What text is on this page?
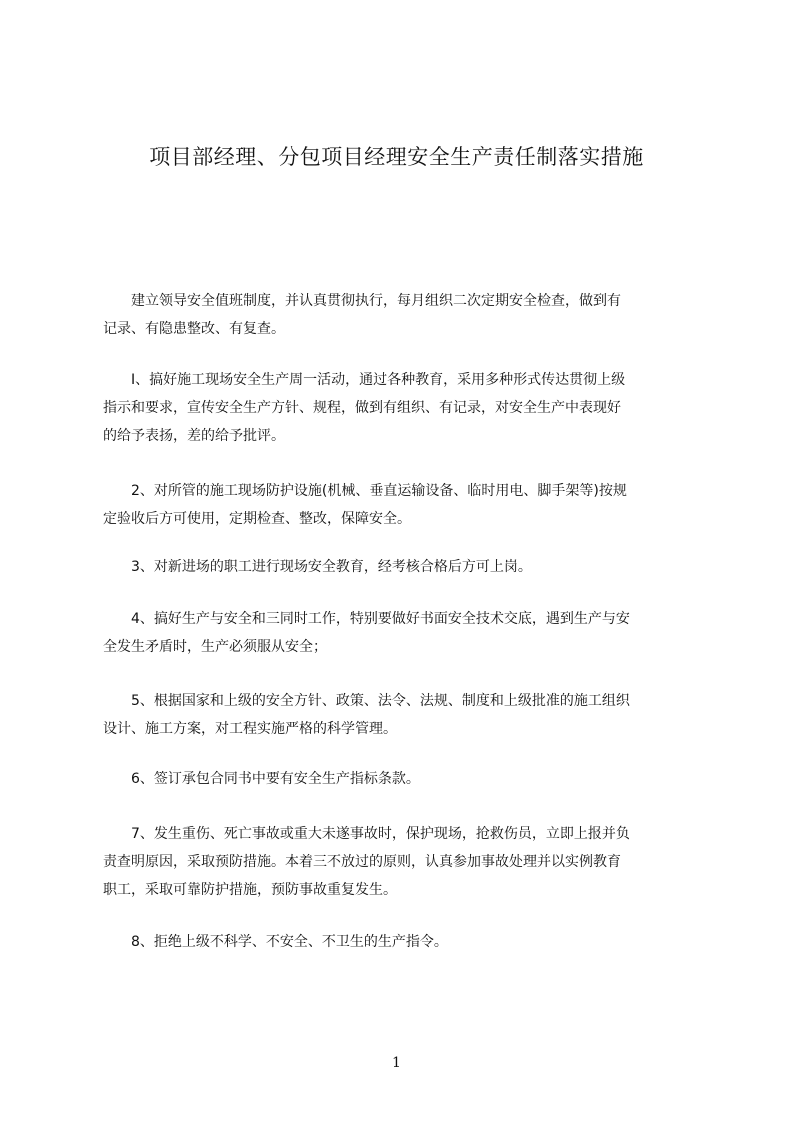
项目部经理、分包项目经理安全生产责任制落实措施
　　建立领导安全值班制度，并认真贯彻执行，每月组织二次定期安全检查，做到有
记录、有隐患整改、有复查。
　　I、搞好施工现场安全生产周一活动，通过各种教育，采用多种形式传达贯彻上级
指示和要求，宣传安全生产方针、规程，做到有组织、有记录，对安全生产中表现好
的给予表扬，差的给予批评。
　　2、对所管的施工现场防护设施(机械、垂直运输设备、临时用电、脚手架等)按规
定验收后方可使用，定期检查、整改，保障安全。
　　3、对新进场的职工进行现场安全教育，经考核合格后方可上岗。
　　4、搞好生产与安全和三同时工作，特别要做好书面安全技术交底，遇到生产与安
全发生矛盾时，生产必须服从安全；
　　5、根据国家和上级的安全方针、政策、法令、法规、制度和上级批准的施工组织
设计、施工方案，对工程实施严格的科学管理。
　　6、签订承包合同书中要有安全生产指标条款。
　　7、发生重伤、死亡事故或重大未遂事故时，保护现场，抢救伤员，立即上报并负
责查明原因，采取预防措施。本着三不放过的原则，认真参加事故处理并以实例教育
职工，采取可靠防护措施，预防事故重复发生。
　　8、拒绝上级不科学、不安全、不卫生的生产指令。
1
